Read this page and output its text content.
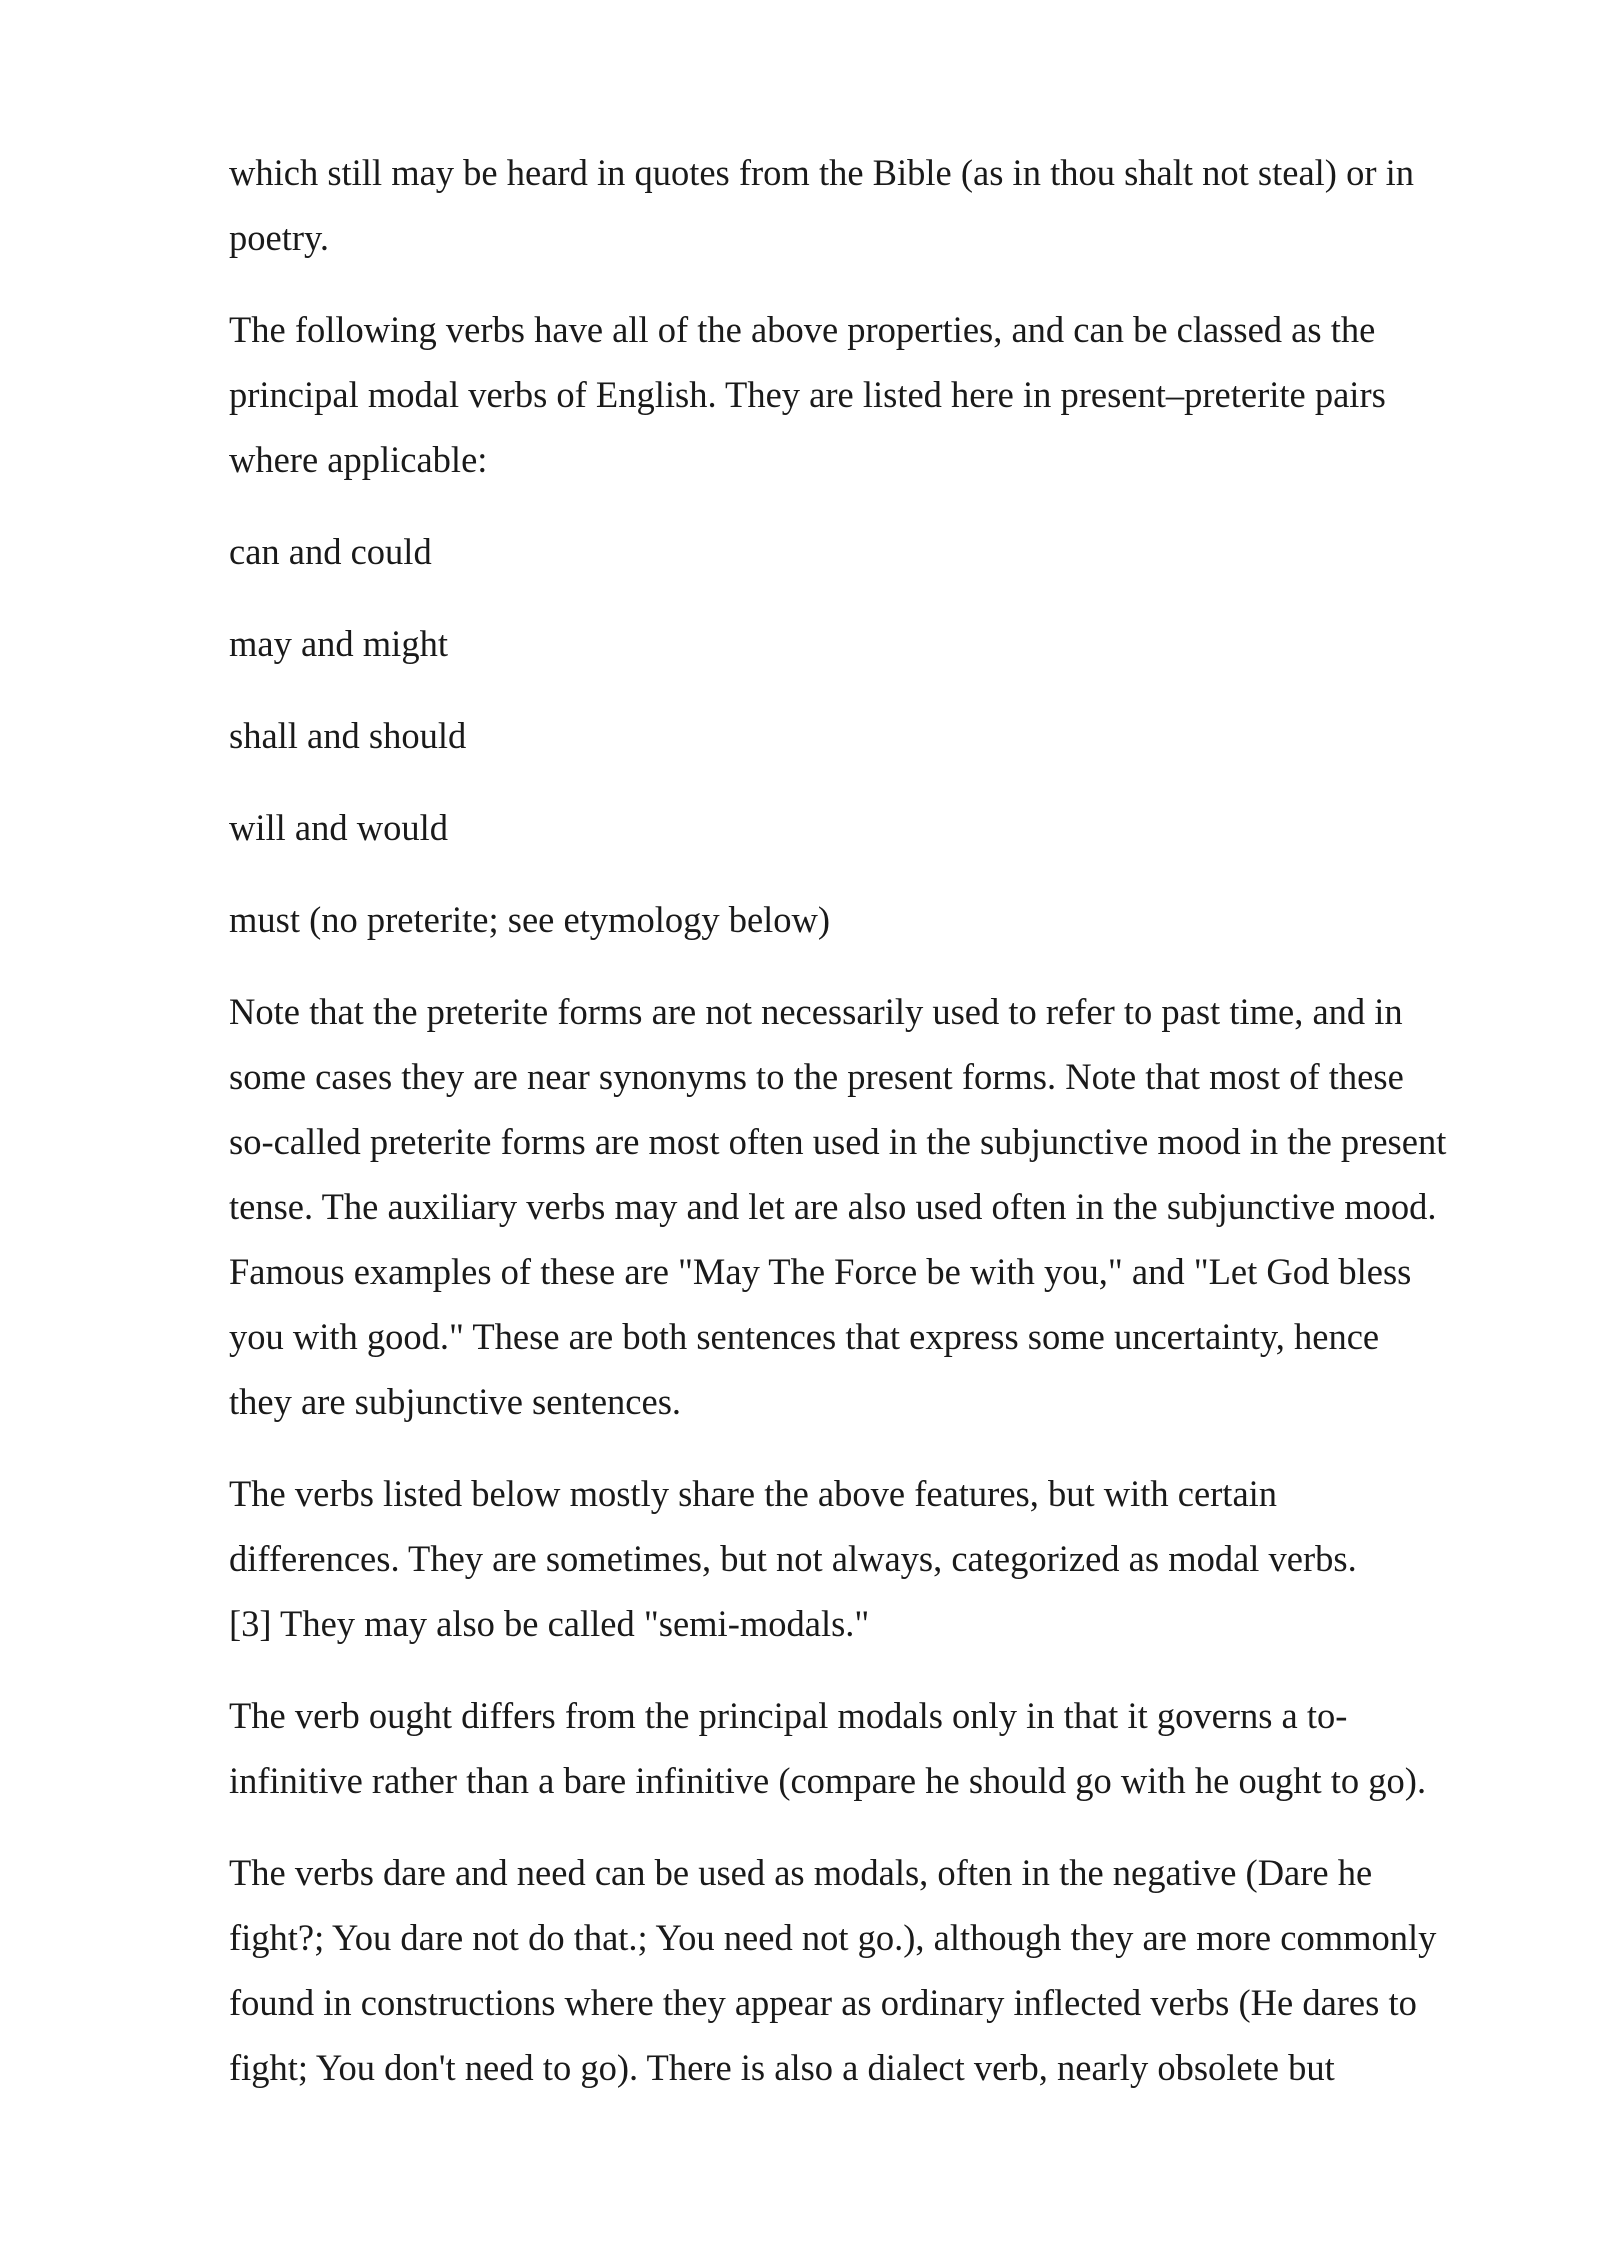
which still may be heard in quotes from the Bible (as in thou shalt not steal) or in
poetry.

The following verbs have all of the above properties, and can be classed as the
principal modal verbs of English. They are listed here in present–preterite pairs
where applicable:

can and could

may and might

shall and should

will and would

must (no preterite; see etymology below)

Note that the preterite forms are not necessarily used to refer to past time, and in
some cases they are near synonyms to the present forms. Note that most of these
so-called preterite forms are most often used in the subjunctive mood in the present
tense. The auxiliary verbs may and let are also used often in the subjunctive mood.
Famous examples of these are "May The Force be with you," and "Let God bless
you with good." These are both sentences that express some uncertainty, hence
they are subjunctive sentences.

The verbs listed below mostly share the above features, but with certain
differences. They are sometimes, but not always, categorized as modal verbs.
[3] They may also be called "semi-modals."

The verb ought differs from the principal modals only in that it governs a to-
infinitive rather than a bare infinitive (compare he should go with he ought to go).

The verbs dare and need can be used as modals, often in the negative (Dare he
fight?; You dare not do that.; You need not go.), although they are more commonly
found in constructions where they appear as ordinary inflected verbs (He dares to
fight; You don't need to go). There is also a dialect verb, nearly obsolete but
